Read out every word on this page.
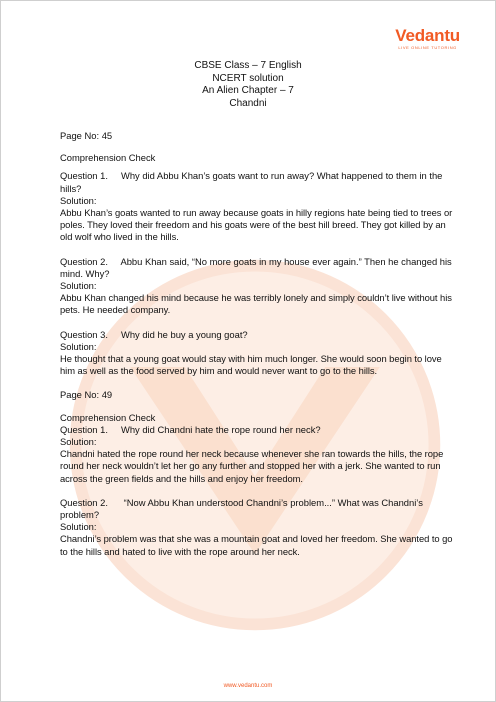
Vedantu
LIVE ONLINE TUTORING
CBSE Class – 7 English
NCERT solution
An Alien Chapter – 7
Chandni

Page No: 45

Comprehension Check

Question 1. Why did Abbu Khan’s goats want to run away? What happened to them in the hills?

Solution:

Abbu Khan’s goats wanted to run away because goats in hilly regions hate being tied to trees or poles. They loved their freedom and his goats were of the best hill breed. They got killed by an old wolf who lived in the hills.

Question 2. Abbu Khan said, “No more goats in my house ever again.” Then he changed his mind. Why?

Solution:

Abbu Khan changed his mind because he was terribly lonely and simply couldn’t live without his pets. He needed company.

Question 3. Why did he buy a young goat?

Solution:

He thought that a young goat would stay with him much longer. She would soon begin to love him as well as the food served by him and would never want to go to the hills.

Page No: 49

Comprehension Check

Question 1. Why did Chandni hate the rope round her neck?

Solution:

Chandni hated the rope round her neck because whenever she ran towards the hills, the rope round her neck wouldn’t let her go any further and stopped her with a jerk. She wanted to run across the green fields and the hills and enjoy her freedom.

Question 2. “Now Abbu Khan understood Chandni’s problem...” What was Chandni’s problem?

Solution:

Chandni’s problem was that she was a mountain goat and loved her freedom. She wanted to go to the hills and hated to live with the rope around her neck.

www.vedantu.com
